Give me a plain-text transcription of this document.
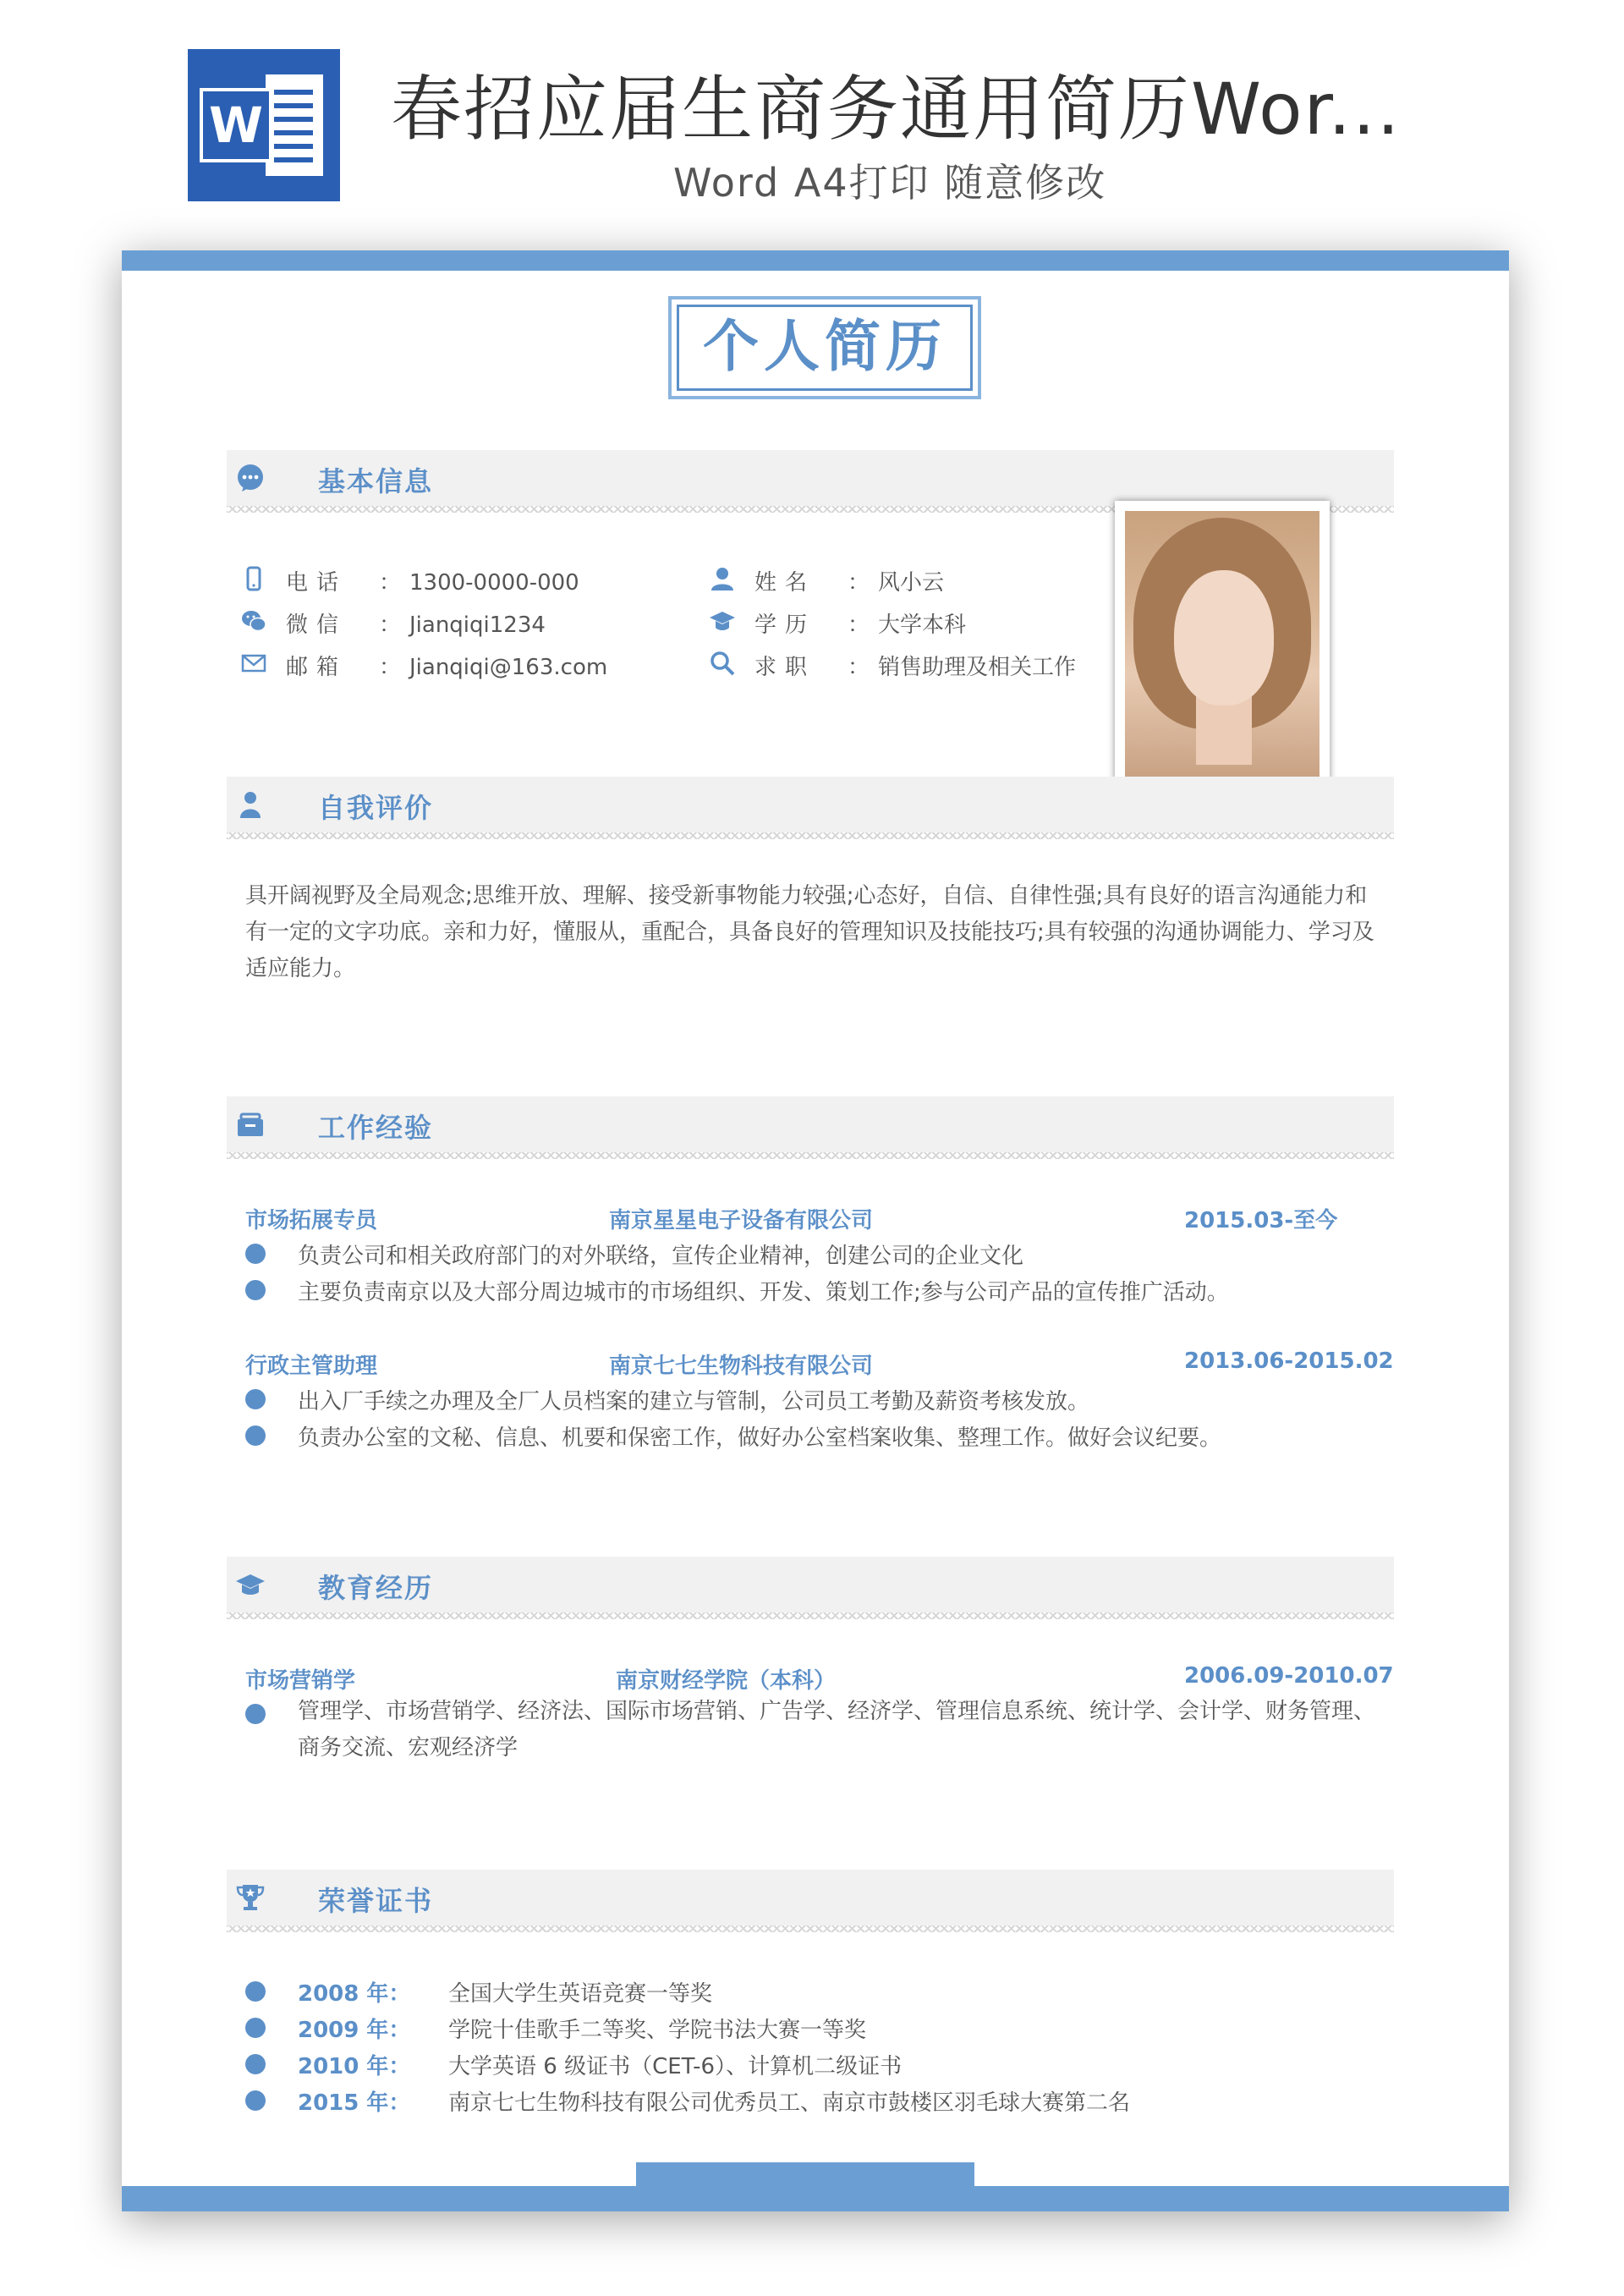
W 春招应届生商务通用简历Wor...
Word A4打印 随意修改
个人简历
基本信息
电话 ： 1300-0000-000
微信 ： Jianqiqi1234
邮箱 ： Jianqiqi@163.com
姓名 ： 风小云
学历 ： 大学本科
求职 ： 销售助理及相关工作
自我评价
具开阔视野及全局观念;思维开放、理解、接受新事物能力较强;心态好，自信、自律性强;具有良好的语言沟通能力和有一定的文字功底。亲和力好，懂服从，重配合，具备良好的管理知识及技能技巧;具有较强的沟通协调能力、学习及适应能力。
工作经验
市场拓展专员	南京星星电子设备有限公司	2015.03-至今
负责公司和相关政府部门的对外联络，宣传企业精神，创建公司的企业文化
主要负责南京以及大部分周边城市的市场组织、开发、策划工作;参与公司产品的宣传推广活动。
行政主管助理	南京七七生物科技有限公司	2013.06-2015.02
出入厂手续之办理及全厂人员档案的建立与管制，公司员工考勤及薪资考核发放。
负责办公室的文秘、信息、机要和保密工作，做好办公室档案收集、整理工作。做好会议纪要。
教育经历
市场营销学	南京财经学院（本科）	2006.09-2010.07
管理学、市场营销学、经济法、国际市场营销、广告学、经济学、管理信息系统、统计学、会计学、财务管理、商务交流、宏观经济学
荣誉证书
2008 年： 全国大学生英语竞赛一等奖
2009 年： 学院十佳歌手二等奖、学院书法大赛一等奖
2010 年： 大学英语 6 级证书（CET-6）、计算机二级证书
2015 年： 南京七七生物科技有限公司优秀员工、南京市鼓楼区羽毛球大赛第二名
